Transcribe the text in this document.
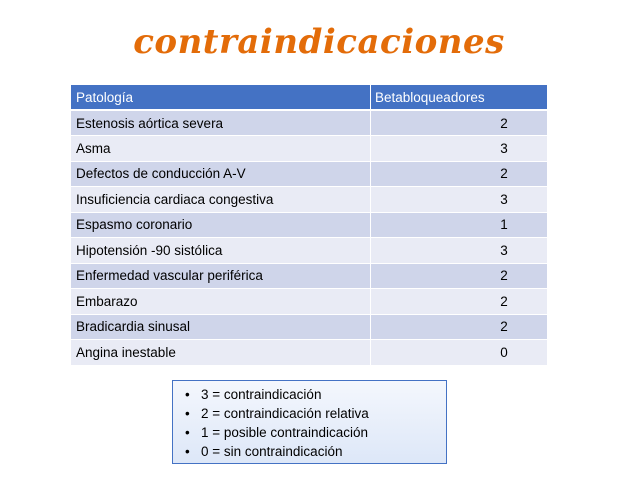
contraindicaciones
Patología	Betabloqueadores
Estenosis aórtica severa	2
Asma	3
Defectos de conducción A-V	2
Insuficiencia cardiaca congestiva	3
Espasmo coronario	1
Hipotensión -90 sistólica	3
Enfermedad vascular periférica	2
Embarazo	2
Bradicardia sinusal	2
Angina inestable	0
• 3 = contraindicación
• 2 = contraindicación relativa
• 1 = posible contraindicación
• 0 = sin contraindicación
